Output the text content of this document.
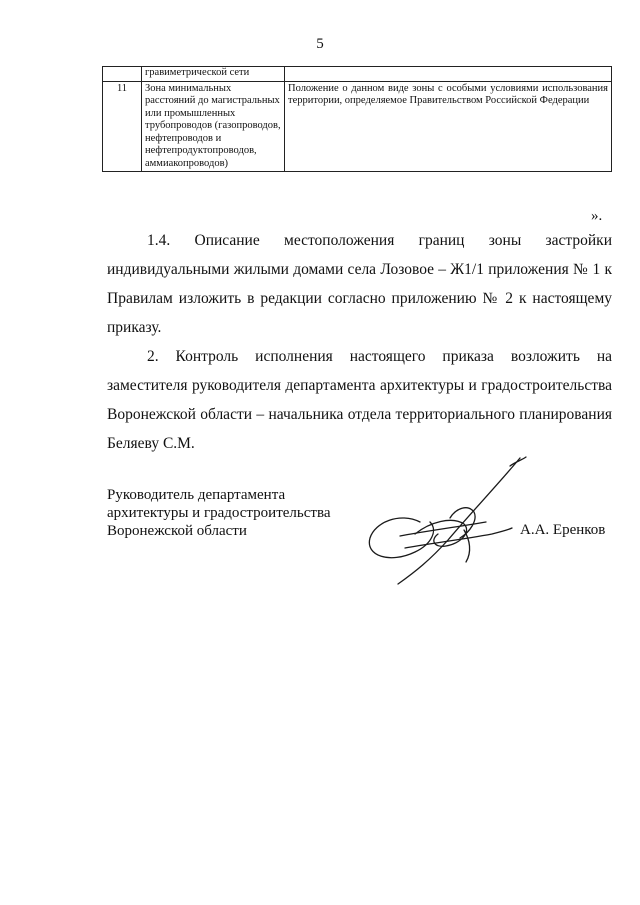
5
	гравиметрической сети	
11	Зона минимальных расстояний до магистральных или промышленных трубопроводов (газопроводов, нефтепроводов и нефтепродуктопроводов, аммиакопроводов)	Положение о данном виде зоны с особыми условиями использования территории, определяемое Правительством Российской Федерации
».

1.4. Описание местоположения границ зоны застройки индивидуальными жилыми домами села Лозовое – Ж1/1 приложения № 1 к Правилам изложить в редакции согласно приложению № 2 к настоящему приказу.

2. Контроль исполнения настоящего приказа возложить на заместителя руководителя департамента архитектуры и градостроительства Воронежской области – начальника отдела территориального планирования Беляеву С.М.

Руководитель департамента
архитектуры и градостроительства
Воронежской области	А.А. Еренков
